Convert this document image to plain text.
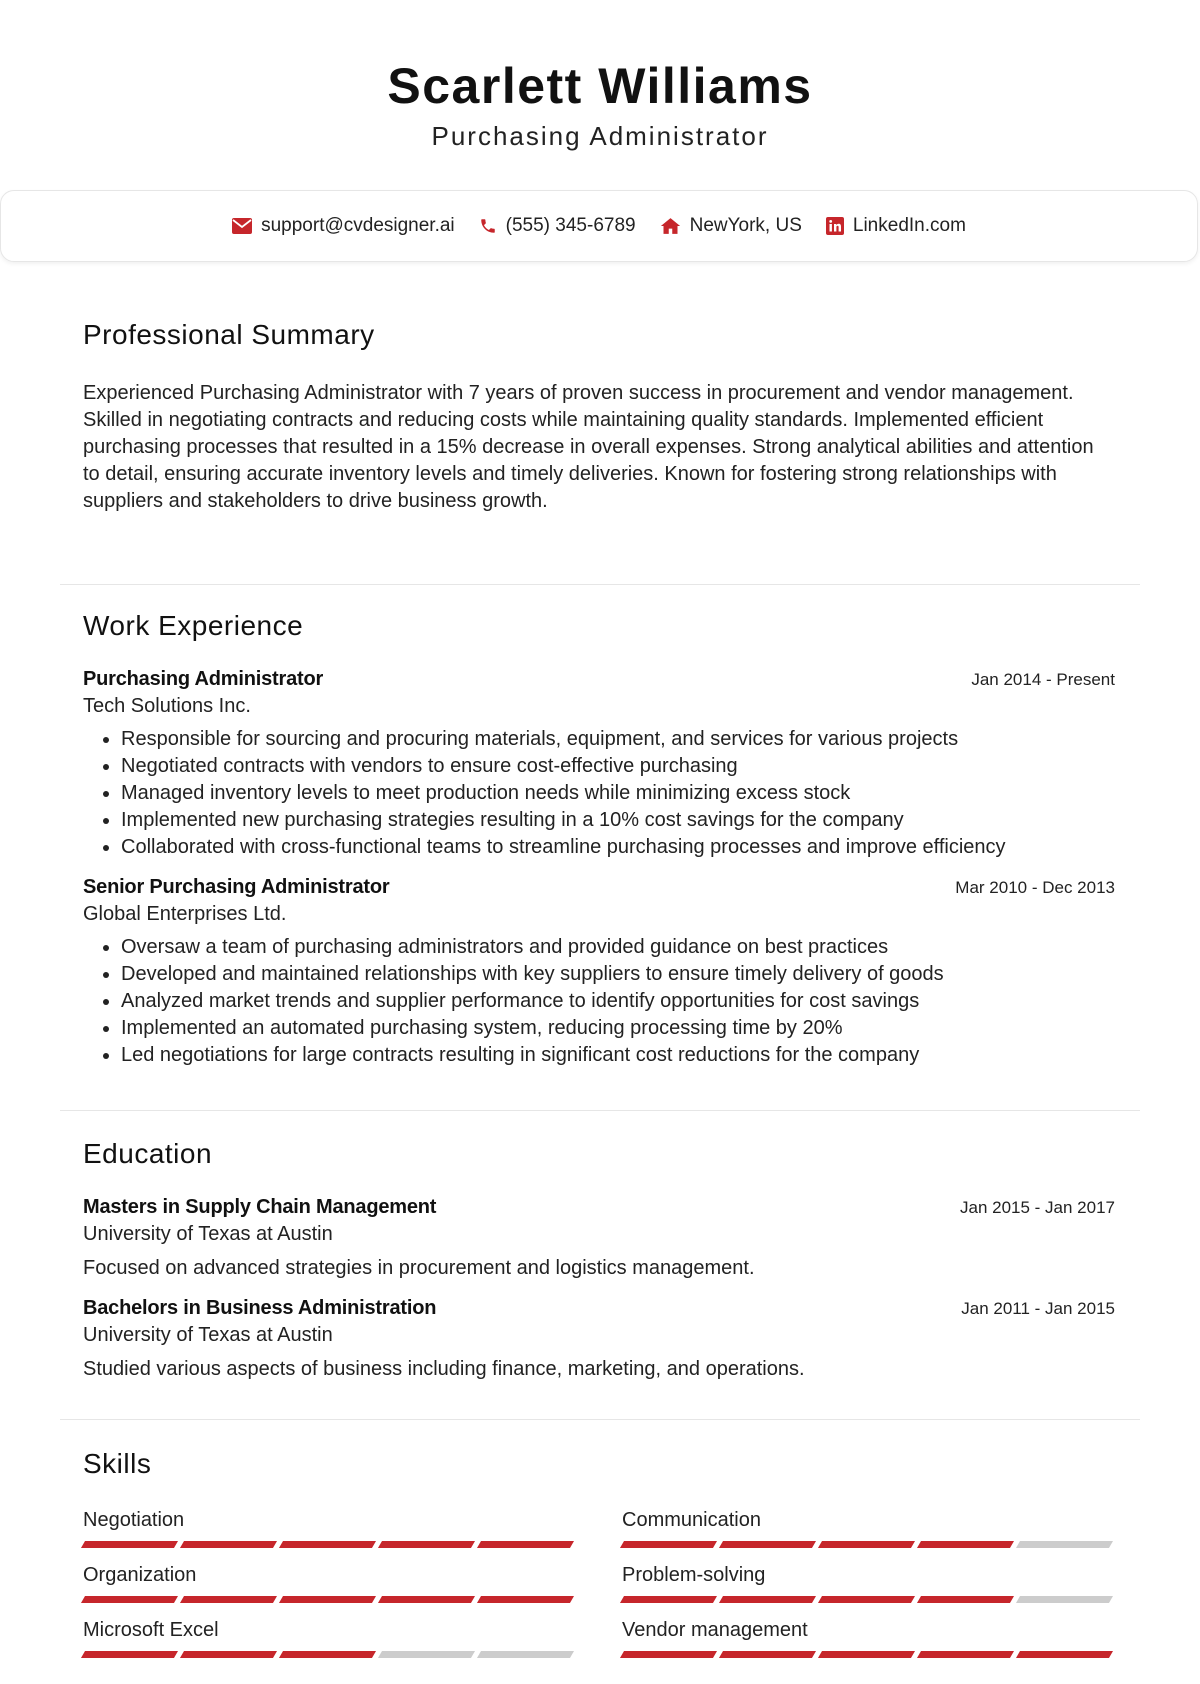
Scarlett Williams
Purchasing Administrator
support@cvdesigner.ai	(555) 345-6789	NewYork, US	LinkedIn.com
Professional Summary

Experienced Purchasing Administrator with 7 years of proven success in procurement and vendor management. Skilled in negotiating contracts and reducing costs while maintaining quality standards. Implemented efficient purchasing processes that resulted in a 15% decrease in overall expenses. Strong analytical abilities and attention to detail, ensuring accurate inventory levels and timely deliveries. Known for fostering strong relationships with suppliers and stakeholders to drive business growth.

Work Experience
Purchasing Administrator	Jan 2014 - Present
Tech Solutions Inc.
• Responsible for sourcing and procuring materials, equipment, and services for various projects
• Negotiated contracts with vendors to ensure cost-effective purchasing
• Managed inventory levels to meet production needs while minimizing excess stock
• Implemented new purchasing strategies resulting in a 10% cost savings for the company
• Collaborated with cross-functional teams to streamline purchasing processes and improve efficiency
Senior Purchasing Administrator	Mar 2010 - Dec 2013
Global Enterprises Ltd.
• Oversaw a team of purchasing administrators and provided guidance on best practices
• Developed and maintained relationships with key suppliers to ensure timely delivery of goods
• Analyzed market trends and supplier performance to identify opportunities for cost savings
• Implemented an automated purchasing system, reducing processing time by 20%
• Led negotiations for large contracts resulting in significant cost reductions for the company
Education
Masters in Supply Chain Management	Jan 2015 - Jan 2017
University of Texas at Austin
Focused on advanced strategies in procurement and logistics management.
Bachelors in Business Administration	Jan 2011 - Jan 2015
University of Texas at Austin
Studied various aspects of business including finance, marketing, and operations.
Skills
Negotiation	Communication
Organization	Problem-solving
Microsoft Excel	Vendor management
